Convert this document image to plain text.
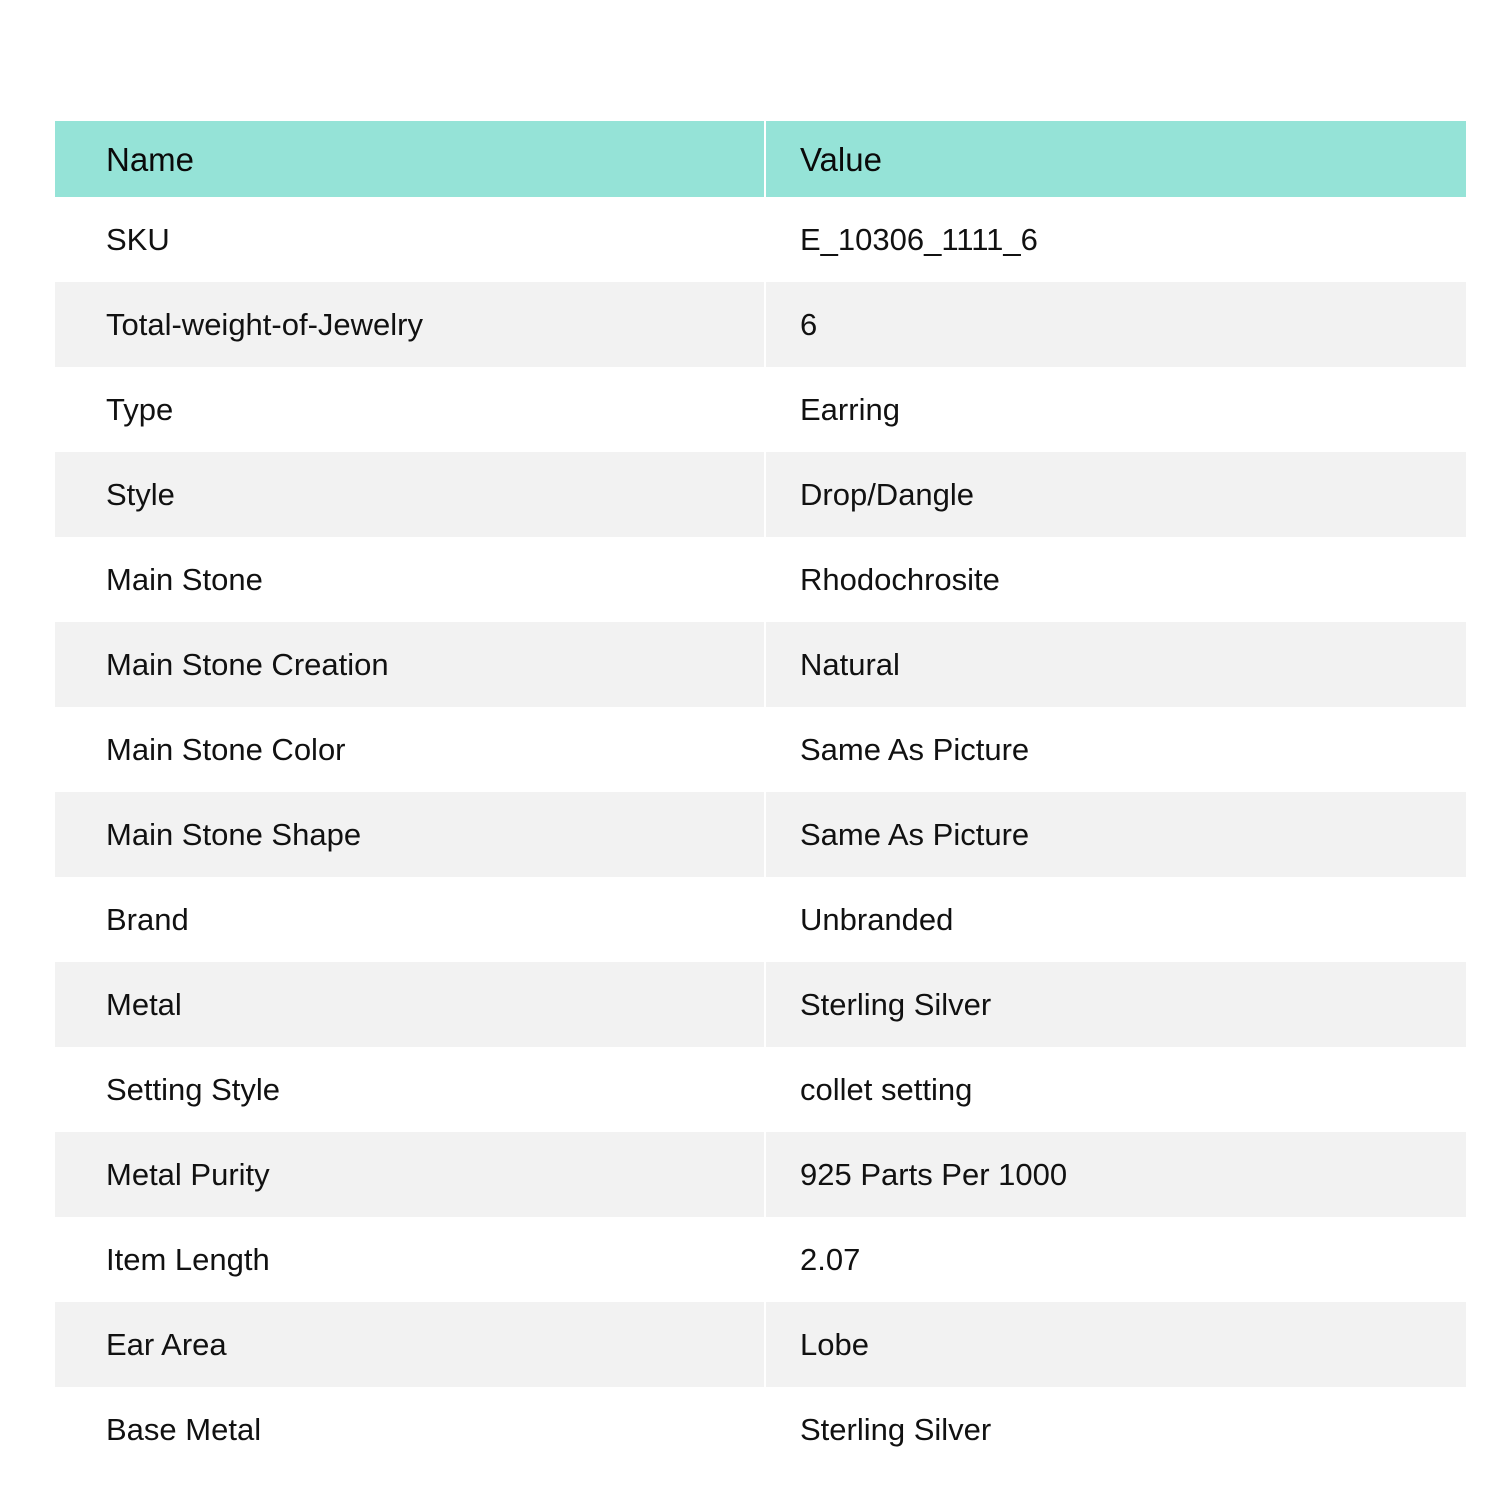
Name	Value
SKU	E_10306_1111_6
Total-weight-of-Jewelry	6
Type	Earring
Style	Drop/Dangle
Main Stone	Rhodochrosite
Main Stone Creation	Natural
Main Stone Color	Same As Picture
Main Stone Shape	Same As Picture
Brand	Unbranded
Metal	Sterling Silver
Setting Style	collet setting
Metal Purity	925 Parts Per 1000
Item Length	2.07
Ear Area	Lobe
Base Metal	Sterling Silver
